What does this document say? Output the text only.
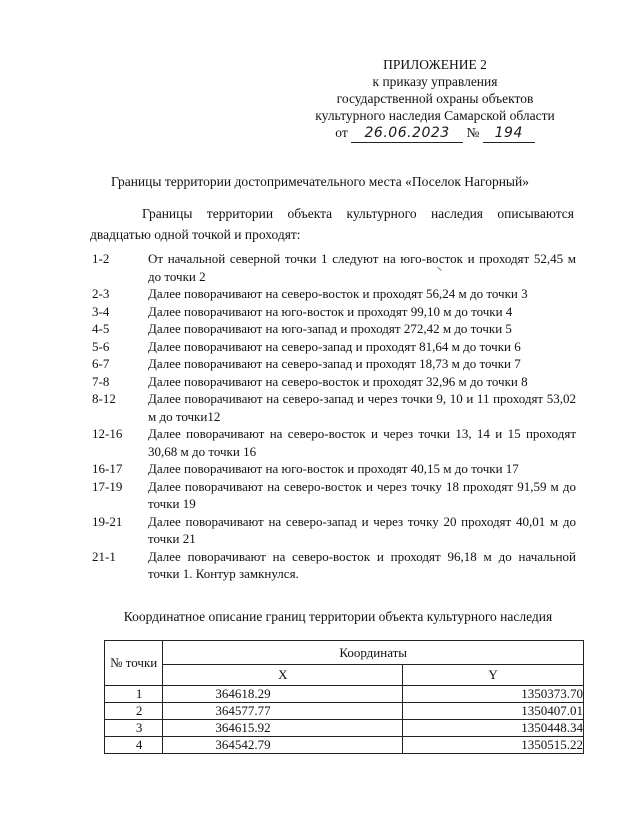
ПРИЛОЖЕНИЕ 2
к приказу управления
государственной охраны объектов
культурного наследия Самарской области
от 26.06.2023 № 194
Границы территории достопримечательного места «Поселок Нагорный»
Границы территории объекта культурного наследия описываются двадцатью одной точкой и проходят:
1-2	От начальной северной точки 1 следуют на юго-восток и проходят 52,45 м до точки 2
2-3	Далее поворачивают на северо-восток и проходят 56,24 м до точки 3
3-4	Далее поворачивают на юго-восток и проходят 99,10 м до точки 4
4-5	Далее поворачивают на юго-запад и проходят 272,42 м до точки 5
5-6	Далее поворачивают на северо-запад и проходят 81,64 м до точки 6
6-7	Далее поворачивают на северо-запад и проходят 18,73 м до точки 7
7-8	Далее поворачивают на северо-восток и проходят 32,96 м до точки 8
8-12	Далее поворачивают на северо-запад и через точки 9, 10 и 11 проходят 53,02 м до точки12
12-16	Далее поворачивают на северо-восток и через точки 13, 14 и 15 проходят 30,68 м до точки 16
16-17	Далее поворачивают на юго-восток и проходят 40,15 м до точки 17
17-19	Далее поворачивают на северо-восток и через точку 18 проходят 91,59 м до точки 19
19-21	Далее поворачивают на северо-запад и через точку 20 проходят 40,01 м до точки 21
21-1	Далее поворачивают на северо-восток и проходят 96,18 м до начальной точки 1. Контур замкнулся.
Координатное описание границ территории объекта культурного наследия
№ точки	Координаты	
	X	Y
1	364618.29	1350373.70
2	364577.77	1350407.01
3	364615.92	1350448.34
4	364542.79	1350515.22
